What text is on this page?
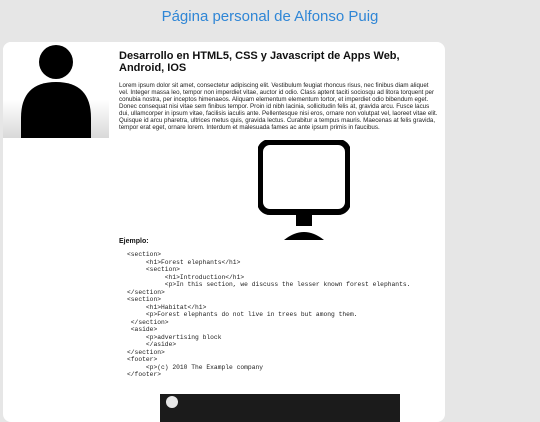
Página personal de Alfonso Puig
Desarrollo en HTML5, CSS y Javascript de Apps Web, Android, IOS

Lorem ipsum dolor sit amet, consectetur adipiscing elit. Vestibulum feugiat rhoncus risus, nec finibus diam aliquet vel. Integer massa leo, tempor non imperdiet vitae, auctor id odio. Class aptent taciti sociosqu ad litora torquent per conubia nostra, per inceptos himenaeos. Aliquam elementum elementum tortor, et imperdiet odio bibendum eget. Donec consequat nisi vitae sem finibus tempor. Proin id nibh lacinia, sollicitudin felis at, gravida arcu. Fusce lacus dui, ullamcorper in ipsum vitae, facilisis iaculis ante. Pellentesque nisi eros, ornare non volutpat vel, laoreet vitae elit. Quisque id arcu pharetra, ultrices metus quis, gravida lectus. Curabitur a tempus mauris. Maecenas at felis gravida, tempor erat eget, ornare lorem. Interdum et malesuada fames ac ante ipsum primis in faucibus.

Ejemplo:
<section>
<h1>Forest elephants</h1>
<section>
<h1>Introduction</h1>
<p>In this section, we discuss the lesser known forest elephants.
</section>
<section>
<h1>Habitat</h1>
<p>Forest elephants do not live in trees but among them.
</section>
<aside>
<p>advertising block
</aside>
</section>
<footer>
<p>(c) 2010 The Example company
</footer>
